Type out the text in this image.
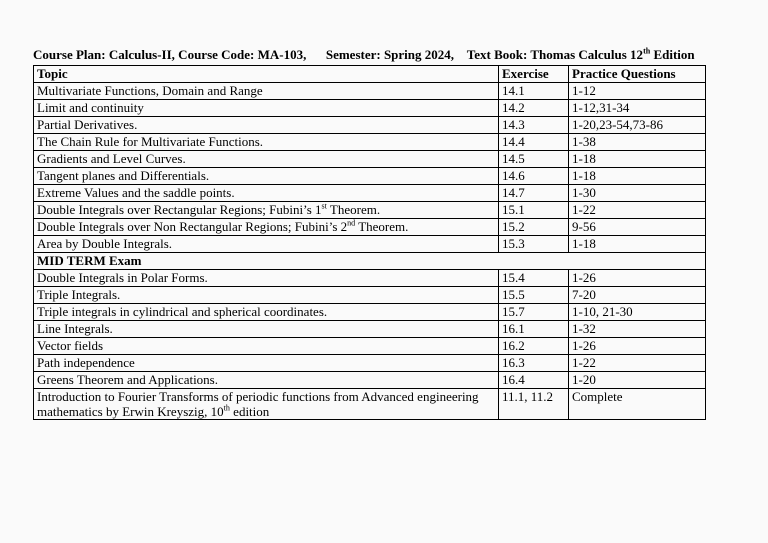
Course Plan: Calculus-II, Course Code: MA-103,      Semester: Spring 2024,    Text Book: Thomas Calculus 12th Edition
Topic	Exercise	Practice Questions
Multivariate Functions, Domain and Range	14.1	1-12
Limit and continuity	14.2	1-12,31-34
Partial Derivatives.	14.3	1-20,23-54,73-86
The Chain Rule for Multivariate Functions.	14.4	1-38
Gradients and Level Curves.	14.5	1-18
Tangent planes and Differentials.	14.6	1-18
Extreme Values and the saddle points.	14.7	1-30
Double Integrals over Rectangular Regions; Fubini’s 1st Theorem.	15.1	1-22
Double Integrals over Non Rectangular Regions; Fubini’s 2nd Theorem.	15.2	9-56
Area by Double Integrals.	15.3	1-18
MID TERM Exam		
Double Integrals in Polar Forms.	15.4	1-26
Triple Integrals.	15.5	7-20
Triple integrals in cylindrical and spherical coordinates.	15.7	1-10, 21-30
Line Integrals.	16.1	1-32
Vector fields	16.2	1-26
Path independence	16.3	1-22
Greens Theorem and Applications.	16.4	1-20
Introduction to Fourier Transforms of periodic functions from Advanced engineering mathematics by Erwin Kreyszig, 10th edition	11.1, 11.2	Complete
